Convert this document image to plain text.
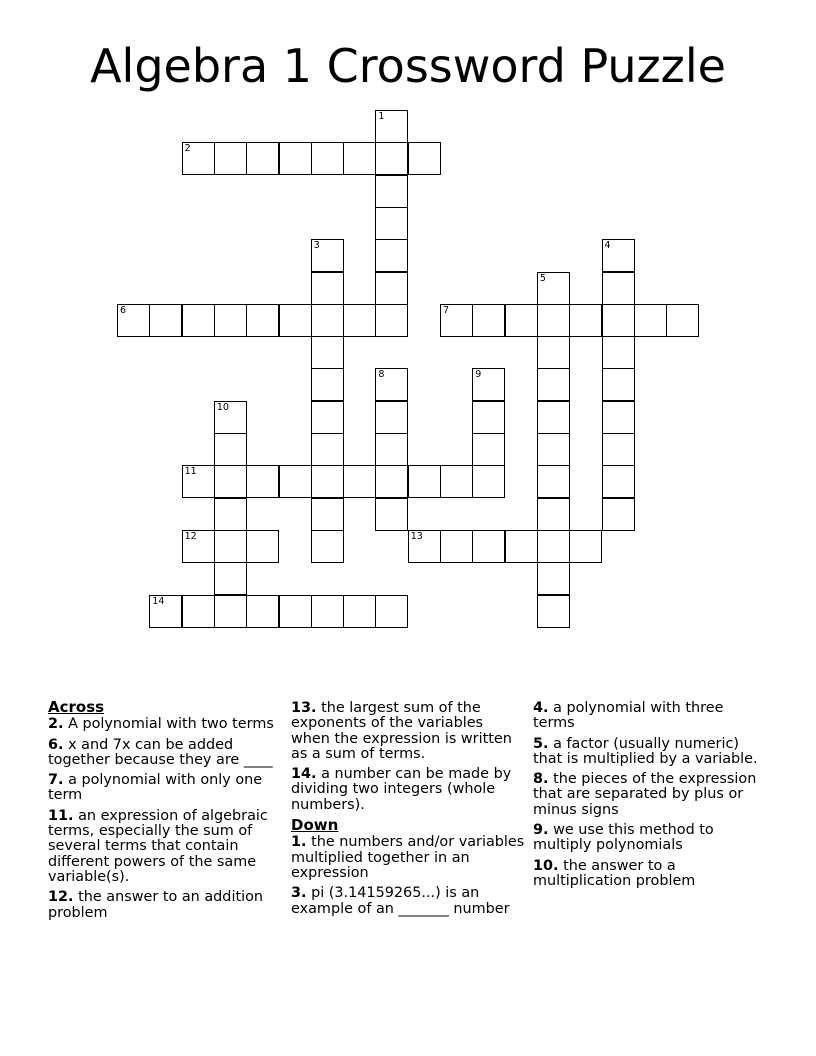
Algebra 1 Crossword Puzzle
1
2
3	4
5
6	7
8	9
10
11
12	13
14
Across
2. A polynomial with two terms
6. x and 7x can be added together because they are ____
7. a polynomial with only one term
11. an expression of algebraic terms, especially the sum of several terms that contain different powers of the same variable(s).
12. the answer to an addition problem
13. the largest sum of the exponents of the variables when the expression is written as a sum of terms.
14. a number can be made by dividing two integers (whole numbers).
Down
1. the numbers and/or variables multiplied together in an expression
3. pi (3.14159265...) is an example of an _______ number
4. a polynomial with three terms
5. a factor (usually numeric) that is multiplied by a variable.
8. the pieces of the expression that are separated by plus or minus signs
9. we use this method to multiply polynomials
10. the answer to a multiplication problem
